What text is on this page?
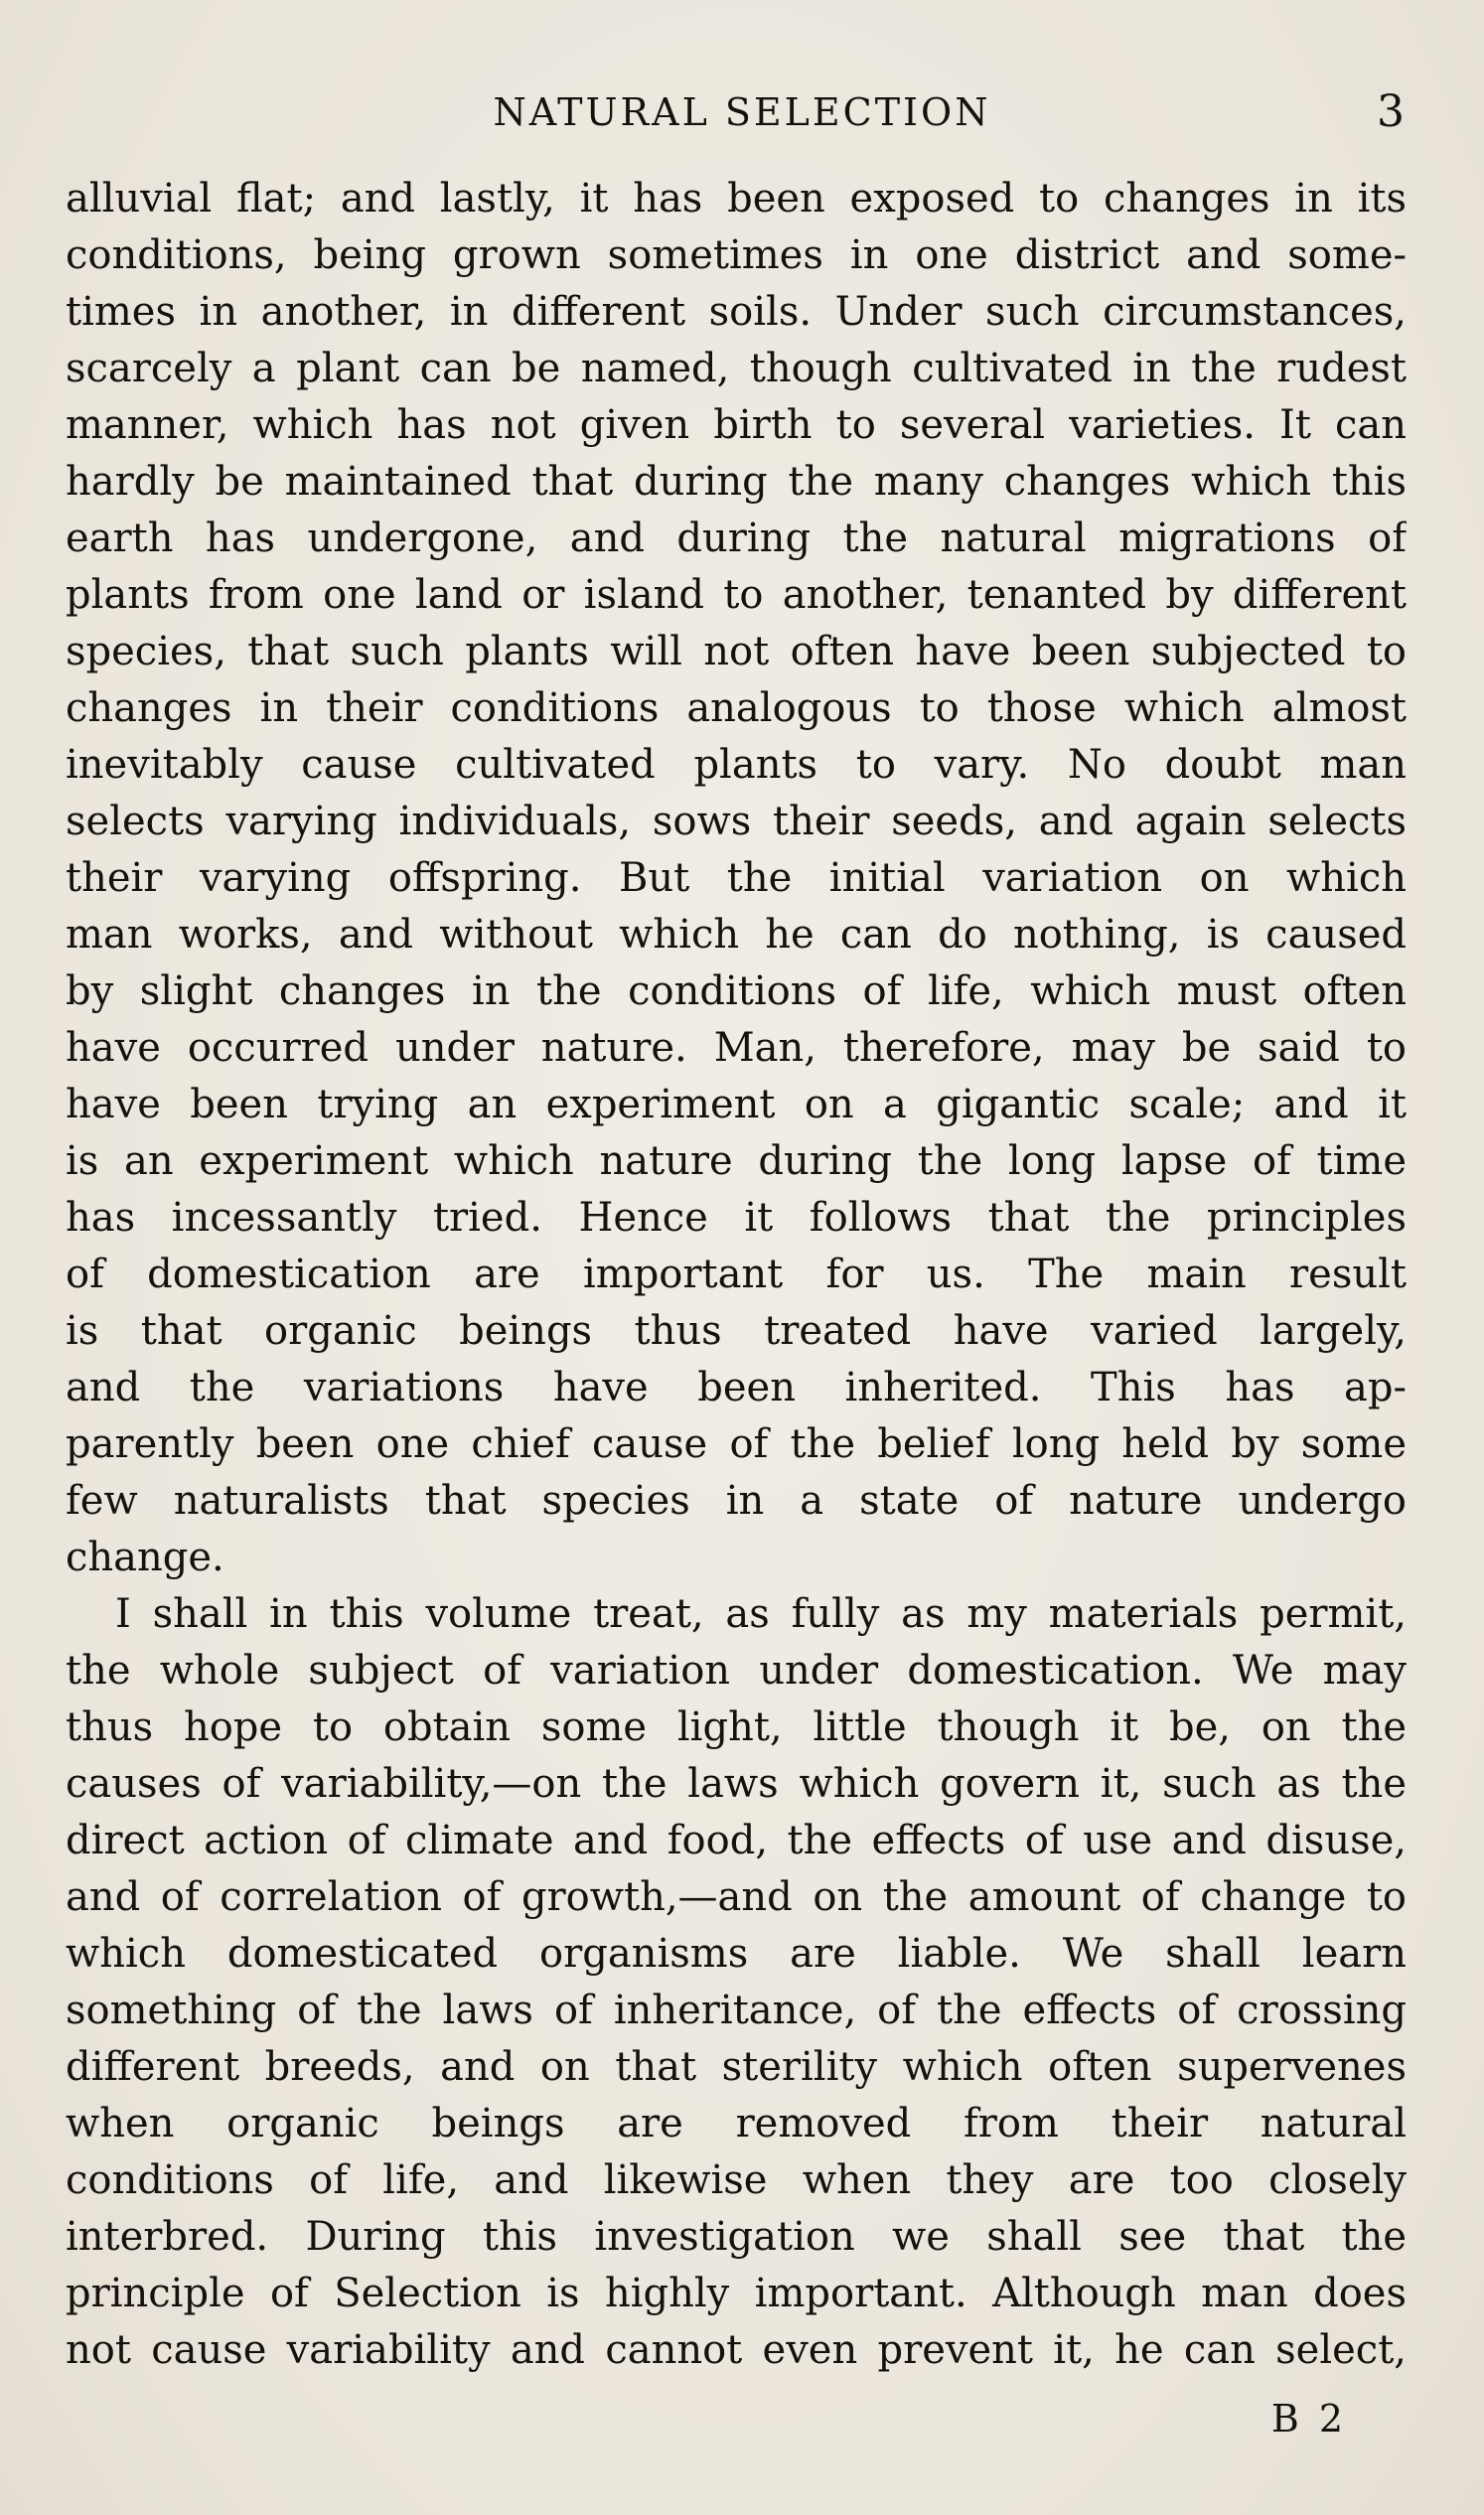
NATURAL SELECTION	3
alluvial flat; and lastly, it has been exposed to changes in its
conditions, being grown sometimes in one district and some-
times in another, in different soils. Under such circumstances,
scarcely a plant can be named, though cultivated in the rudest
manner, which has not given birth to several varieties. It can
hardly be maintained that during the many changes which this
earth has undergone, and during the natural migrations of
plants from one land or island to another, tenanted by different
species, that such plants will not often have been subjected to
changes in their conditions analogous to those which almost
inevitably cause cultivated plants to vary. No doubt man
selects varying individuals, sows their seeds, and again selects
their varying offspring. But the initial variation on which
man works, and without which he can do nothing, is caused
by slight changes in the conditions of life, which must often
have occurred under nature. Man, therefore, may be said to
have been trying an experiment on a gigantic scale; and it
is an experiment which nature during the long lapse of time
has incessantly tried. Hence it follows that the principles
of domestication are important for us. The main result
is that organic beings thus treated have varied largely,
and the variations have been inherited. This has ap-
parently been one chief cause of the belief long held by some
few naturalists that species in a state of nature undergo
change.
I shall in this volume treat, as fully as my materials permit,
the whole subject of variation under domestication. We may
thus hope to obtain some light, little though it be, on the
causes of variability,—on the laws which govern it, such as the
direct action of climate and food, the effects of use and disuse,
and of correlation of growth,—and on the amount of change to
which domesticated organisms are liable. We shall learn
something of the laws of inheritance, of the effects of crossing
different breeds, and on that sterility which often supervenes
when organic beings are removed from their natural
conditions of life, and likewise when they are too closely
interbred. During this investigation we shall see that the
principle of Selection is highly important. Although man does
not cause variability and cannot even prevent it, he can select,
B 2
